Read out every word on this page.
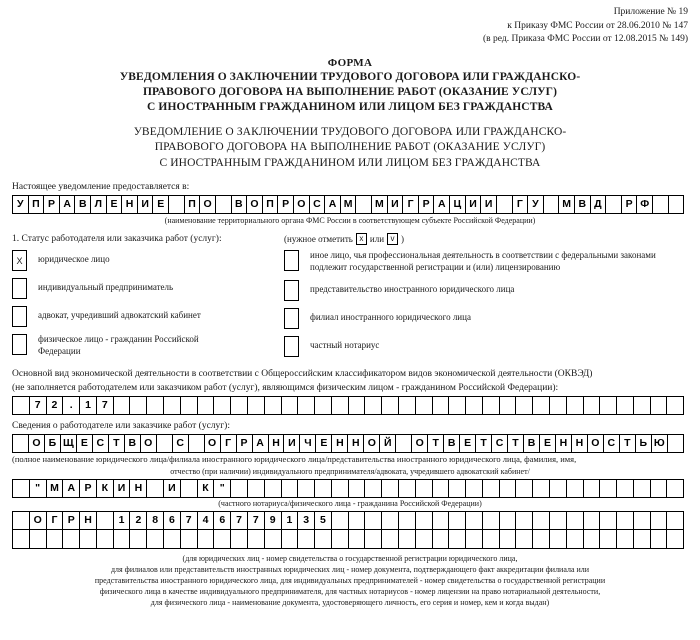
Приложение № 19
к Приказу ФМС России от 28.06.2010 № 147
(в ред. Приказа ФМС России от 12.08.2015 № 149)
ФОРМА
УВЕДОМЛЕНИЯ О ЗАКЛЮЧЕНИИ ТРУДОВОГО ДОГОВОРА ИЛИ ГРАЖДАНСКО-
ПРАВОВОГО ДОГОВОРА НА ВЫПОЛНЕНИЕ РАБОТ (ОКАЗАНИЕ УСЛУГ)
С ИНОСТРАННЫМ ГРАЖДАНИНОМ ИЛИ ЛИЦОМ БЕЗ ГРАЖДАНСТВА
УВЕДОМЛЕНИЕ О ЗАКЛЮЧЕНИИ ТРУДОВОГО ДОГОВОРА ИЛИ ГРАЖДАНСКО-
ПРАВОВОГО ДОГОВОРА НА ВЫПОЛНЕНИЕ РАБОТ (ОКАЗАНИЕ УСЛУГ)
С ИНОСТРАННЫМ ГРАЖДАНИНОМ ИЛИ ЛИЦОМ БЕЗ ГРАЖДАНСТВА
Настоящее уведомление предоставляется в:
У П Р А В Л Е Н И Е	П О	В О П Р О С А М	М И Г Р А Ц И И	Г У	М В Д	Р Ф
(наименование территориального органа ФМС России в соответствующем субъекте Российской Федерации)
1. Статус работодателя или заказчика работ (услуг):	(нужное отметить х или v )
X	юридическое лицо
индивидуальный предприниматель
адвокат, учредивший адвокатский кабинет
физическое лицо - гражданин Российской Федерации
иное лицо, чья профессиональная деятельность в соответствии с федеральными законами подлежит государственной регистрации и (или) лицензированию
представительство иностранного юридического лица
филиал иностранного юридического лица
частный нотариус
Основной вид экономической деятельности в соответствии с Общероссийским классификатором видов экономической деятельности (ОКВЭД)
(не заполняется работодателем или заказчиком работ (услуг), являющимся физическим лицом - гражданином Российской Федерации):
7	2	.	1	7
Сведения о работодателе или заказчике работ (услуг):
О Б Щ Е С Т В О	С	О Г Р А Н И Ч Е Н Н О Й	О Т В Е Т С Т В Е Н Н О С Т Ь Ю
(полное наименование юридического лица/филиала иностранного юридического лица/представительства иностранного юридического лица, фамилия, имя,
отчество (при наличии) индивидуального предпринимателя/адвоката, учредившего адвокатский кабинет/
" М А Р К И Н	И	К	"
(частного нотариуса/физического лица - гражданина Российской Федерации)
О Г Р Н	1	2	8	6	7	4	6	7	7	9	1	3	5
(для юридических лиц - номер свидетельства о государственной регистрации юридического лица,
для филиалов или представительств иностранных юридических лиц - номер документа, подтверждающего факт аккредитации филиала или
представительства иностранного юридического лица, для индивидуальных предпринимателей - номер свидетельства о государственной регистрации
физического лица в качестве индивидуального предпринимателя, для частных нотариусов - номер лицензии на право нотариальной деятельности,
для физического лица - наименование документа, удостоверяющего личность, его серия и номер, кем и когда выдан)
